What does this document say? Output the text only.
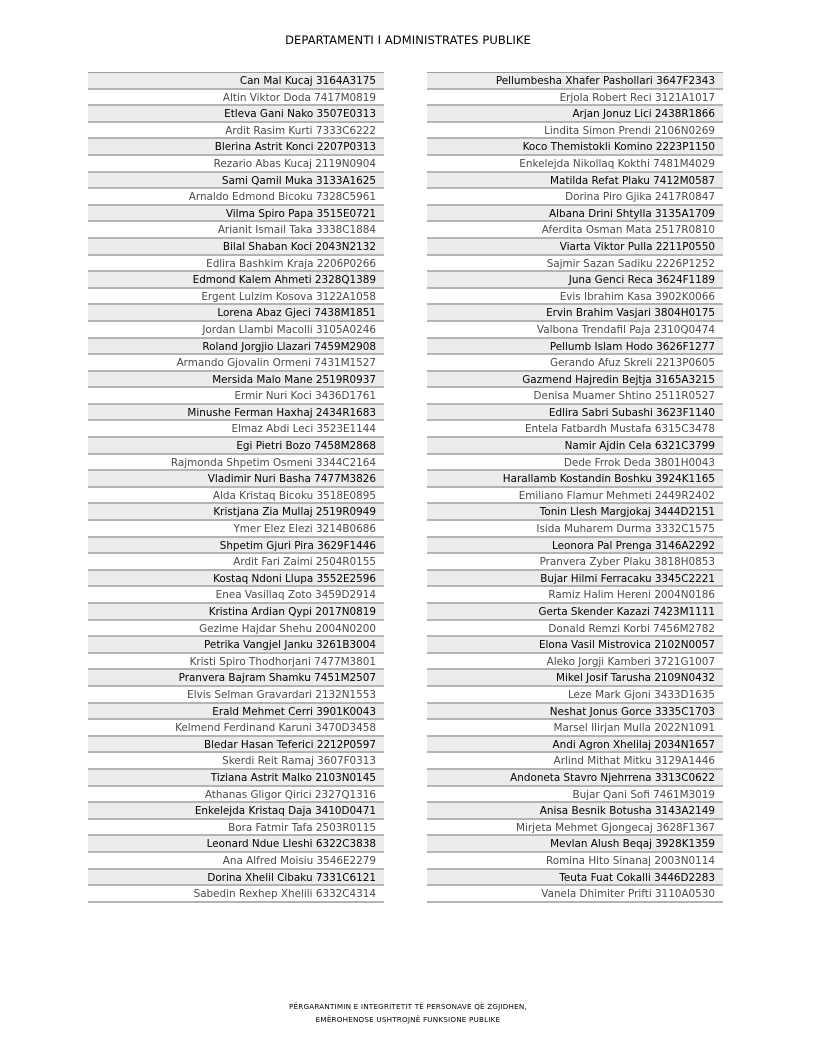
DEPARTAMENTI I ADMINISTRATES PUBLIKE
Can Mal Kucaj 3164A3175
Altin Viktor Doda 7417M0819
Etleva Gani Nako 3507E0313
Ardit Rasim Kurti 7333C6222
Blerina Astrit Konci 2207P0313
Rezario Abas Kucaj 2119N0904
Sami Qamil Muka 3133A1625
Arnaldo Edmond Bicoku 7328C5961
Vilma Spiro Papa 3515E0721
Arianit Ismail Taka 3338C1884
Bilal Shaban Koci 2043N2132
Edlira Bashkim Kraja 2206P0266
Edmond Kalem Ahmeti 2328Q1389
Ergent Lulzim Kosova 3122A1058
Lorena Abaz Gjeci 7438M1851
Jordan Llambi Macolli 3105A0246
Roland Jorgjio Llazari 7459M2908
Armando Gjovalin Ormeni 7431M1527
Mersida Malo Mane 2519R0937
Ermir Nuri Koci 3436D1761
Minushe Ferman Haxhaj 2434R1683
Elmaz Abdi Leci 3523E1144
Egi Pietri Bozo 7458M2868
Rajmonda Shpetim Osmeni 3344C2164
Vladimir Nuri Basha 7477M3826
Alda Kristaq Bicoku 3518E0895
Kristjana Zia Mullaj 2519R0949
Ymer Elez Elezi 3214B0686
Shpetim Gjuri Pira 3629F1446
Ardit Fari Zaimi 2504R0155
Kostaq Ndoni Llupa 3552E2596
Enea Vasillaq Zoto 3459D2914
Kristina Ardian Qypi 2017N0819
Gezime Hajdar Shehu 2004N0200
Petrika Vangjel Janku 3261B3004
Kristi Spiro Thodhorjani 7477M3801
Pranvera Bajram Shamku 7451M2507
Elvis Selman Gravardari 2132N1553
Erald Mehmet Cerri 3901K0043
Kelmend Ferdinand Karuni 3470D3458
Bledar Hasan Teferici 2212P0597
Skerdi Reit Ramaj 3607F0313
Tiziana Astrit Malko 2103N0145
Athanas Gligor Qirici 2327Q1316
Enkelejda Kristaq Daja 3410D0471
Bora Fatmir Tafa 2503R0115
Leonard Ndue Lleshi 6322C3838
Ana Alfred Moisiu 3546E2279
Dorina Xhelil Cibaku 7331C6121
Sabedin Rexhep Xhelili 6332C4314
Pellumbesha Xhafer Pashollari 3647F2343
Erjola Robert Reci 3121A1017
Arjan Jonuz Lici 2438R1866
Lindita Simon Prendi 2106N0269
Koco Themistokli Komino 2223P1150
Enkelejda Nikollaq Kokthi 7481M4029
Matilda Refat Plaku 7412M0587
Dorina Piro Gjika 2417R0847
Albana Drini Shtylla 3135A1709
Aferdita Osman Mata 2517R0810
Viarta Viktor Pulla 2211P0550
Sajmir Sazan Sadiku 2226P1252
Juna Genci Reca 3624F1189
Evis Ibrahim Kasa 3902K0066
Ervin Brahim Vasjari 3804H0175
Valbona Trendafil Paja 2310Q0474
Pellumb Islam Hodo 3626F1277
Gerando Afuz Skreli 2213P0605
Gazmend Hajredin Bejtja 3165A3215
Denisa Muamer Shtino 2511R0527
Edlira Sabri Subashi 3623F1140
Entela Fatbardh Mustafa 6315C3478
Namir Ajdin Cela 6321C3799
Dede Frrok Deda 3801H0043
Harallamb Kostandin Boshku 3924K1165
Emiliano Flamur Mehmeti 2449R2402
Tonin Llesh Margjokaj 3444D2151
Isida Muharem Durma 3332C1575
Leonora Pal Prenga 3146A2292
Pranvera Zyber Plaku 3818H0853
Bujar Hilmi Ferracaku 3345C2221
Ramiz Halim Hereni 2004N0186
Gerta Skender Kazazi 7423M1111
Donald Remzi Korbi 7456M2782
Elona Vasil Mistrovica 2102N0057
Aleko Jorgji Kamberi 3721G1007
Mikel Josif Tarusha 2109N0432
Leze Mark Gjoni 3433D1635
Neshat Jonus Gorce 3335C1703
Marsel Ilirjan Mulla 2022N1091
Andi Agron Xhelilaj 2034N1657
Arlind Mithat Mitku 3129A1446
Andoneta Stavro Njehrrena 3313C0622
Bujar Qani Sofi 7461M3019
Anisa Besnik Botusha 3143A2149
Mirjeta Mehmet Gjongecaj 3628F1367
Mevlan Alush Beqaj 3928K1359
Romina Hito Sinanaj 2003N0114
Teuta Fuat Cokalli 3446D2283
Vanela Dhimiter Prifti 3110A0530
PËRGARANTIMIN E INTEGRITETIT TË PERSONAVE QË ZGJIDHEN,
EMËROHENOSE USHTROJNË FUNKSIONE PUBLIKE
